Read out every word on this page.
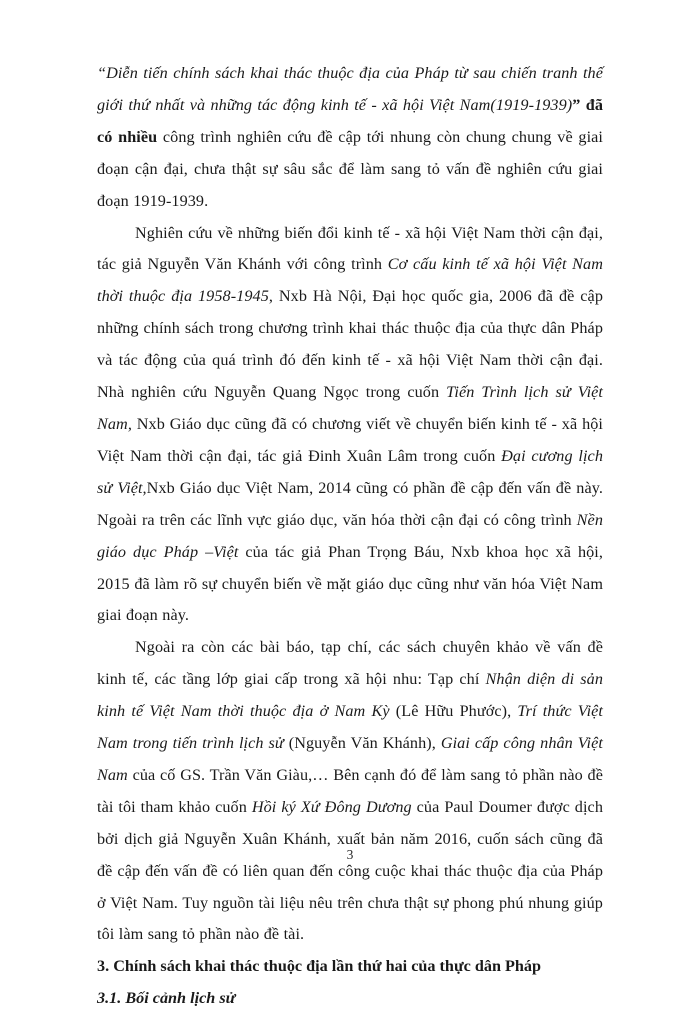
“Diễn tiến chính sách khai thác thuộc địa của Pháp từ sau chiến tranh thế giới thứ nhất và những tác động kinh tế - xã hội Việt Nam(1919-1939)” đã có nhiều công trình nghiên cứu đề cập tới nhung còn chung chung về giai đoạn cận đại, chưa thật sự sâu sắc để làm sang tỏ vấn đề nghiên cứu giai đoạn 1919-1939.

Nghiên cứu về những biến đổi kinh tế - xã hội Việt Nam thời cận đại, tác giả Nguyễn Văn Khánh với công trình Cơ cấu kinh tế xã hội Việt Nam thời thuộc địa 1958-1945, Nxb Hà Nội, Đại học quốc gia, 2006 đã đề cập những chính sách trong chương trình khai thác thuộc địa của thực dân Pháp và tác động của quá trình đó đến kinh tế - xã hội Việt Nam thời cận đại. Nhà nghiên cứu Nguyễn Quang Ngọc trong cuốn Tiến Trình lịch sử Việt Nam, Nxb Giáo dục cũng đã có chương viết về chuyển biến kinh tế - xã hội Việt Nam thời cận đại, tác giả Đinh Xuân Lâm trong cuốn Đại cương lịch sử Việt,Nxb Giáo dục Việt Nam, 2014 cũng có phần đề cập đến vấn đề này. Ngoài ra trên các lĩnh vực giáo dục, văn hóa thời cận đại có công trình Nền giáo dục Pháp –Việt của tác giả Phan Trọng Báu, Nxb khoa học xã hội, 2015 đã làm rõ sự chuyển biến về mặt giáo dục cũng như văn hóa Việt Nam giai đoạn này.

Ngoài ra còn các bài báo, tạp chí, các sách chuyên khảo về vấn đề kinh tế, các tầng lớp giai cấp trong xã hội nhu: Tạp chí Nhận diện di sản kinh tế Việt Nam thời thuộc địa ở Nam Kỳ (Lê Hữu Phước), Trí thức Việt Nam trong tiến trình lịch sử (Nguyễn Văn Khánh), Giai cấp công nhân Việt Nam của cố GS. Trần Văn Giàu,… Bên cạnh đó để làm sang tỏ phần nào đề tài tôi tham khảo cuốn Hồi ký Xứ Đông Dương của Paul Doumer được dịch bởi dịch giả Nguyễn Xuân Khánh, xuất bản năm 2016, cuốn sách cũng đã đề cập đến vấn đề có liên quan đến công cuộc khai thác thuộc địa của Pháp ở Việt Nam. Tuy nguồn tài liệu nêu trên chưa thật sự phong phú nhung giúp tôi làm sang tỏ phần nào đề tài.

3. Chính sách khai thác thuộc địa lần thứ hai của thực dân Pháp

3.1. Bối cảnh lịch sử

3
